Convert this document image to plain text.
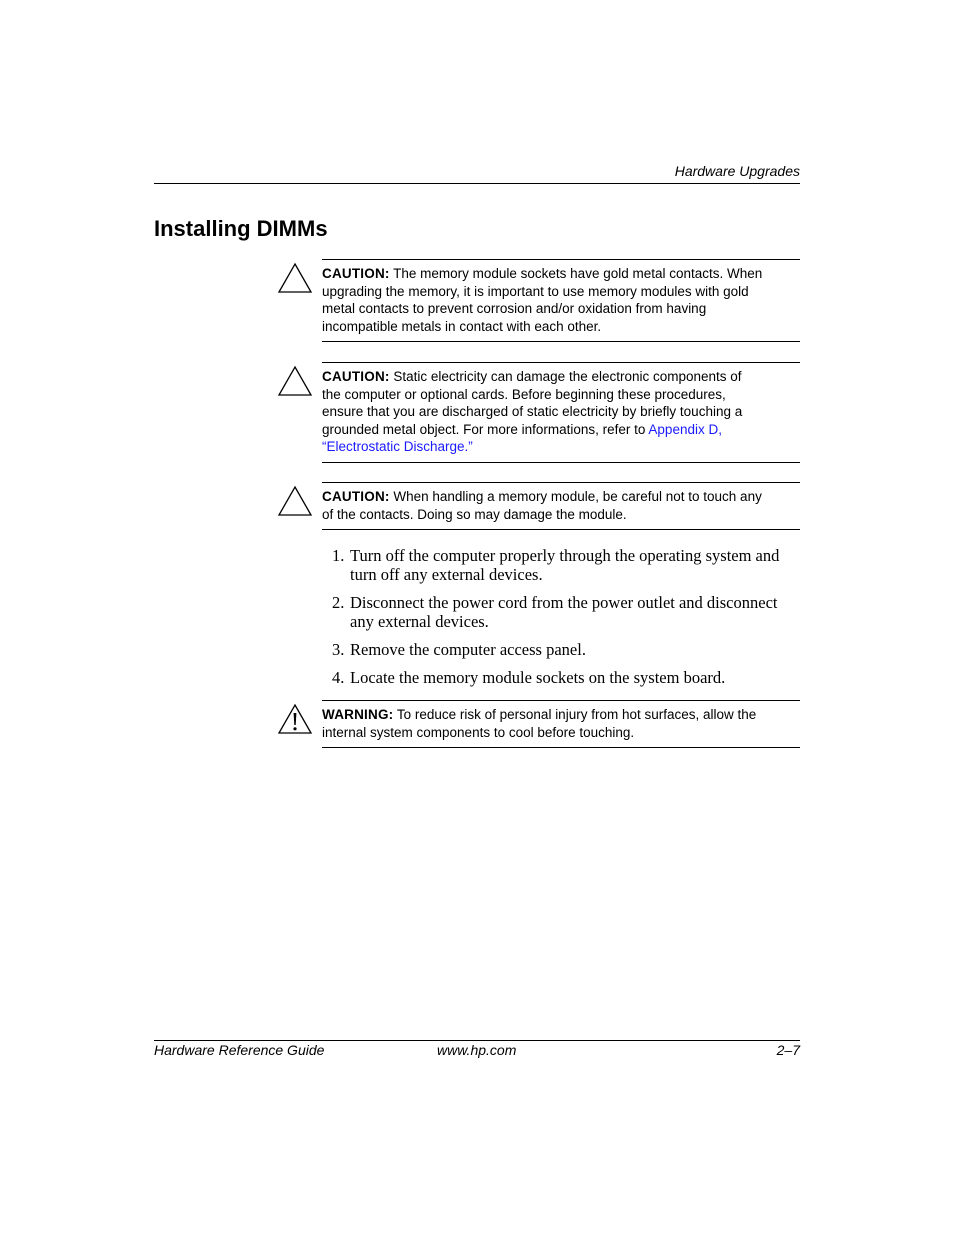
Hardware Upgrades
Installing DIMMs
CAUTION: The memory module sockets have gold metal contacts. When upgrading the memory, it is important to use memory modules with gold metal contacts to prevent corrosion and/or oxidation from having incompatible metals in contact with each other.
CAUTION: Static electricity can damage the electronic components of the computer or optional cards. Before beginning these procedures, ensure that you are discharged of static electricity by briefly touching a grounded metal object. For more informations, refer to Appendix D, “Electrostatic Discharge.”
CAUTION: When handling a memory module, be careful not to touch any of the contacts. Doing so may damage the module.
1. Turn off the computer properly through the operating system and turn off any external devices.
2. Disconnect the power cord from the power outlet and disconnect any external devices.
3. Remove the computer access panel.
4. Locate the memory module sockets on the system board.
WARNING: To reduce risk of personal injury from hot surfaces, allow the internal system components to cool before touching.
Hardware Reference Guide	www.hp.com	2–7
